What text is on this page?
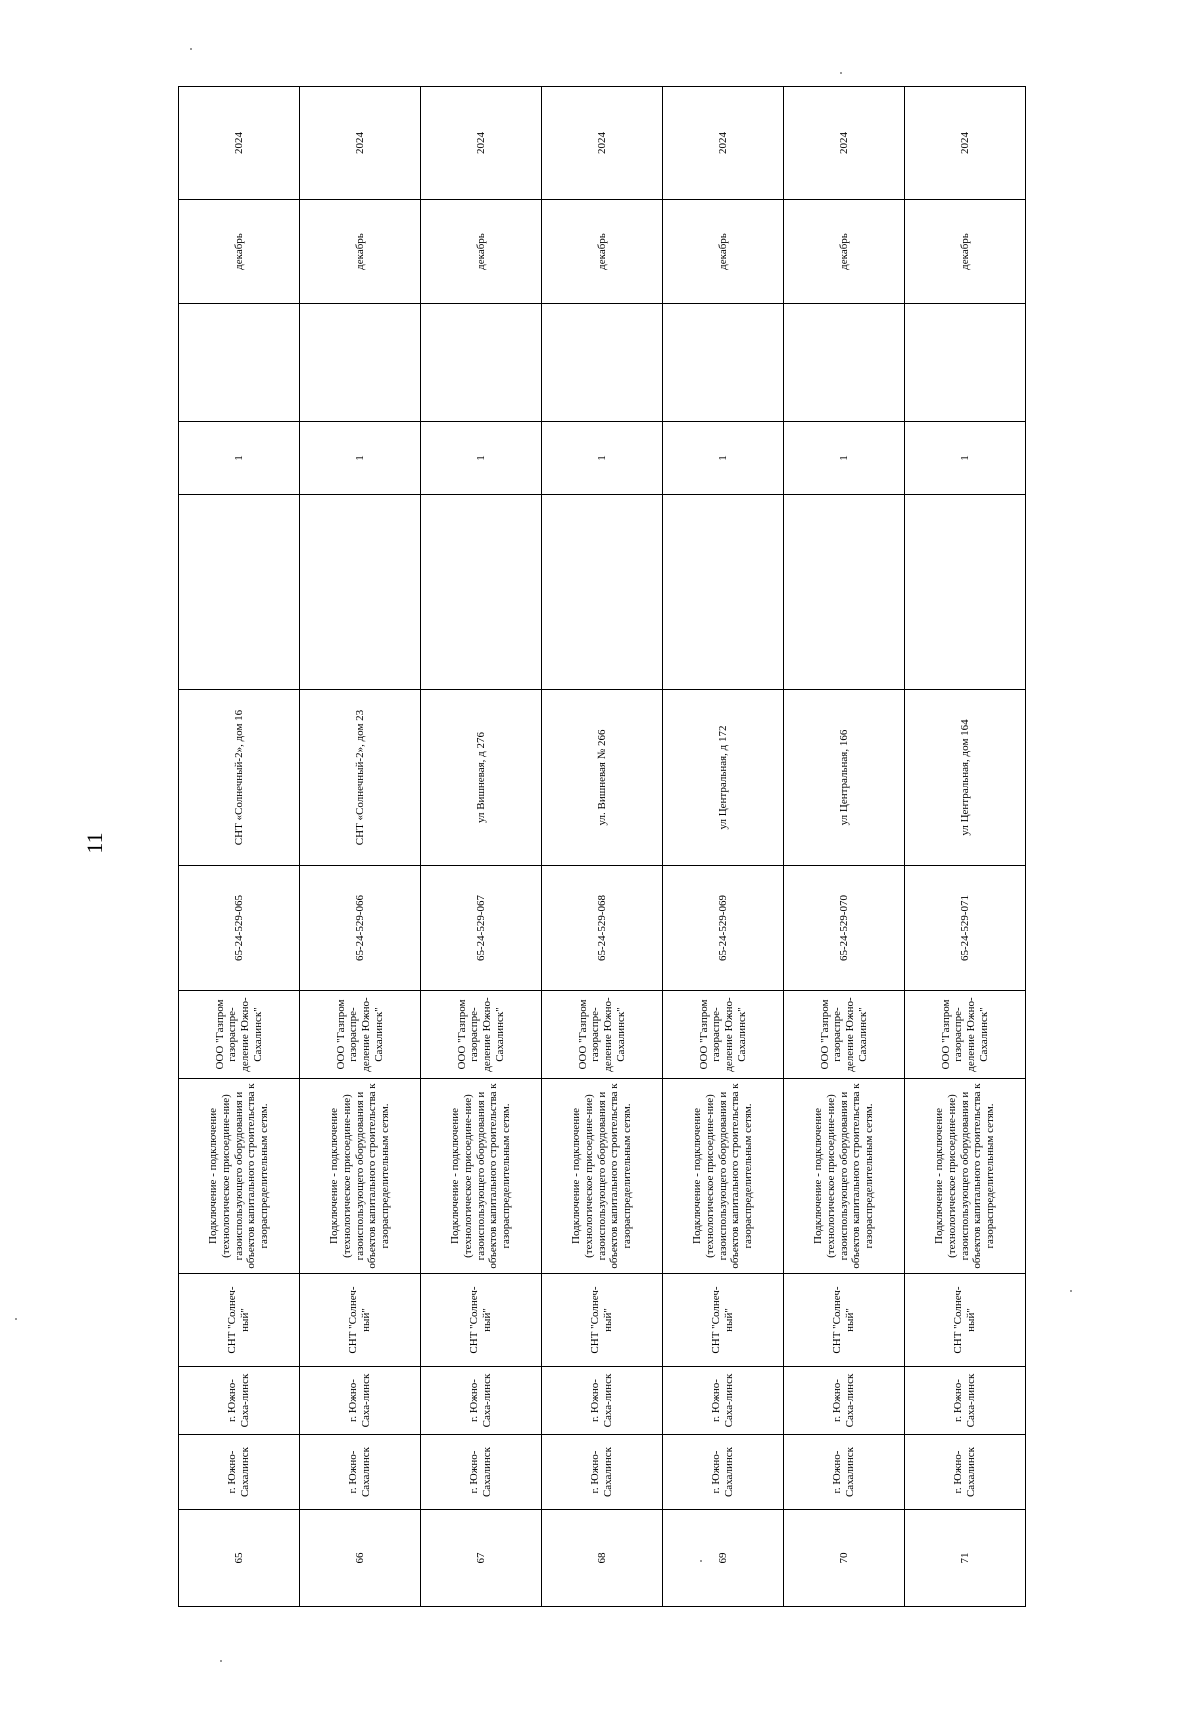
11
65	г. Южно-Сахалинск	г. Южно-Саха-линск	СНТ "Солнеч-ный"	Подключение - подключение (технологическое присоедине-ние) газоиспользующего оборудования и объектов капитального строительства к газораспределительным сетям.	ООО "Газпром газораспре-деление Южно-Сахалинск"	65-24-529-065	СНТ «Солнечный-2», дом 16		1		декабрь	2024
66	г. Южно-Сахалинск	г. Южно-Саха-линск	СНТ "Солнеч-ный"	Подключение - подключение (технологическое присоедине-ние) газоиспользующего оборудования и объектов капитального строительства к газораспределительным сетям.	ООО "Газпром газораспре-деление Южно-Сахалинск"	65-24-529-066	СНТ «Солнечный-2», дом 23		1		декабрь	2024
67	г. Южно-Сахалинск	г. Южно-Саха-линск	СНТ "Солнеч-ный"	Подключение - подключение (технологическое присоедине-ние) газоиспользующего оборудования и объектов капитального строительства к газораспределительным сетям.	ООО "Газпром газораспре-деление Южно-Сахалинск"	65-24-529-067	ул Вишневая, д 276		1		декабрь	2024
68	г. Южно-Сахалинск	г. Южно-Саха-линск	СНТ "Солнеч-ный"	Подключение - подключение (технологическое присоедине-ние) газоиспользующего оборудования и объектов капитального строительства к газораспределительным сетям.	ООО "Газпром газораспре-деление Южно-Сахалинск"	65-24-529-068	ул. Вишневая № 266		1		декабрь	2024
69	г. Южно-Сахалинск	г. Южно-Саха-линск	СНТ "Солнеч-ный"	Подключение - подключение (технологическое присоедине-ние) газоиспользующего оборудования и объектов капитального строительства к газораспределительным сетям.	ООО "Газпром газораспре-деление Южно-Сахалинск"	65-24-529-069	ул Центральная, д 172		1		декабрь	2024
70	г. Южно-Сахалинск	г. Южно-Саха-линск	СНТ "Солнеч-ный"	Подключение - подключение (технологическое присоедине-ние) газоиспользующего оборудования и объектов капитального строительства к газораспределительным сетям.	ООО "Газпром газораспре-деление Южно-Сахалинск"	65-24-529-070	ул Центральная, 166		1		декабрь	2024
71	г. Южно-Сахалинск	г. Южно-Саха-линск	СНТ "Солнеч-ный"	Подключение - подключение (технологическое присоедине-ние) газоиспользующего оборудования и объектов капитального строительства к газораспределительным сетям.	ООО "Газпром газораспре-деление Южно-Сахалинск"	65-24-529-071	ул Центральная, дом 164		1		декабрь	2024
